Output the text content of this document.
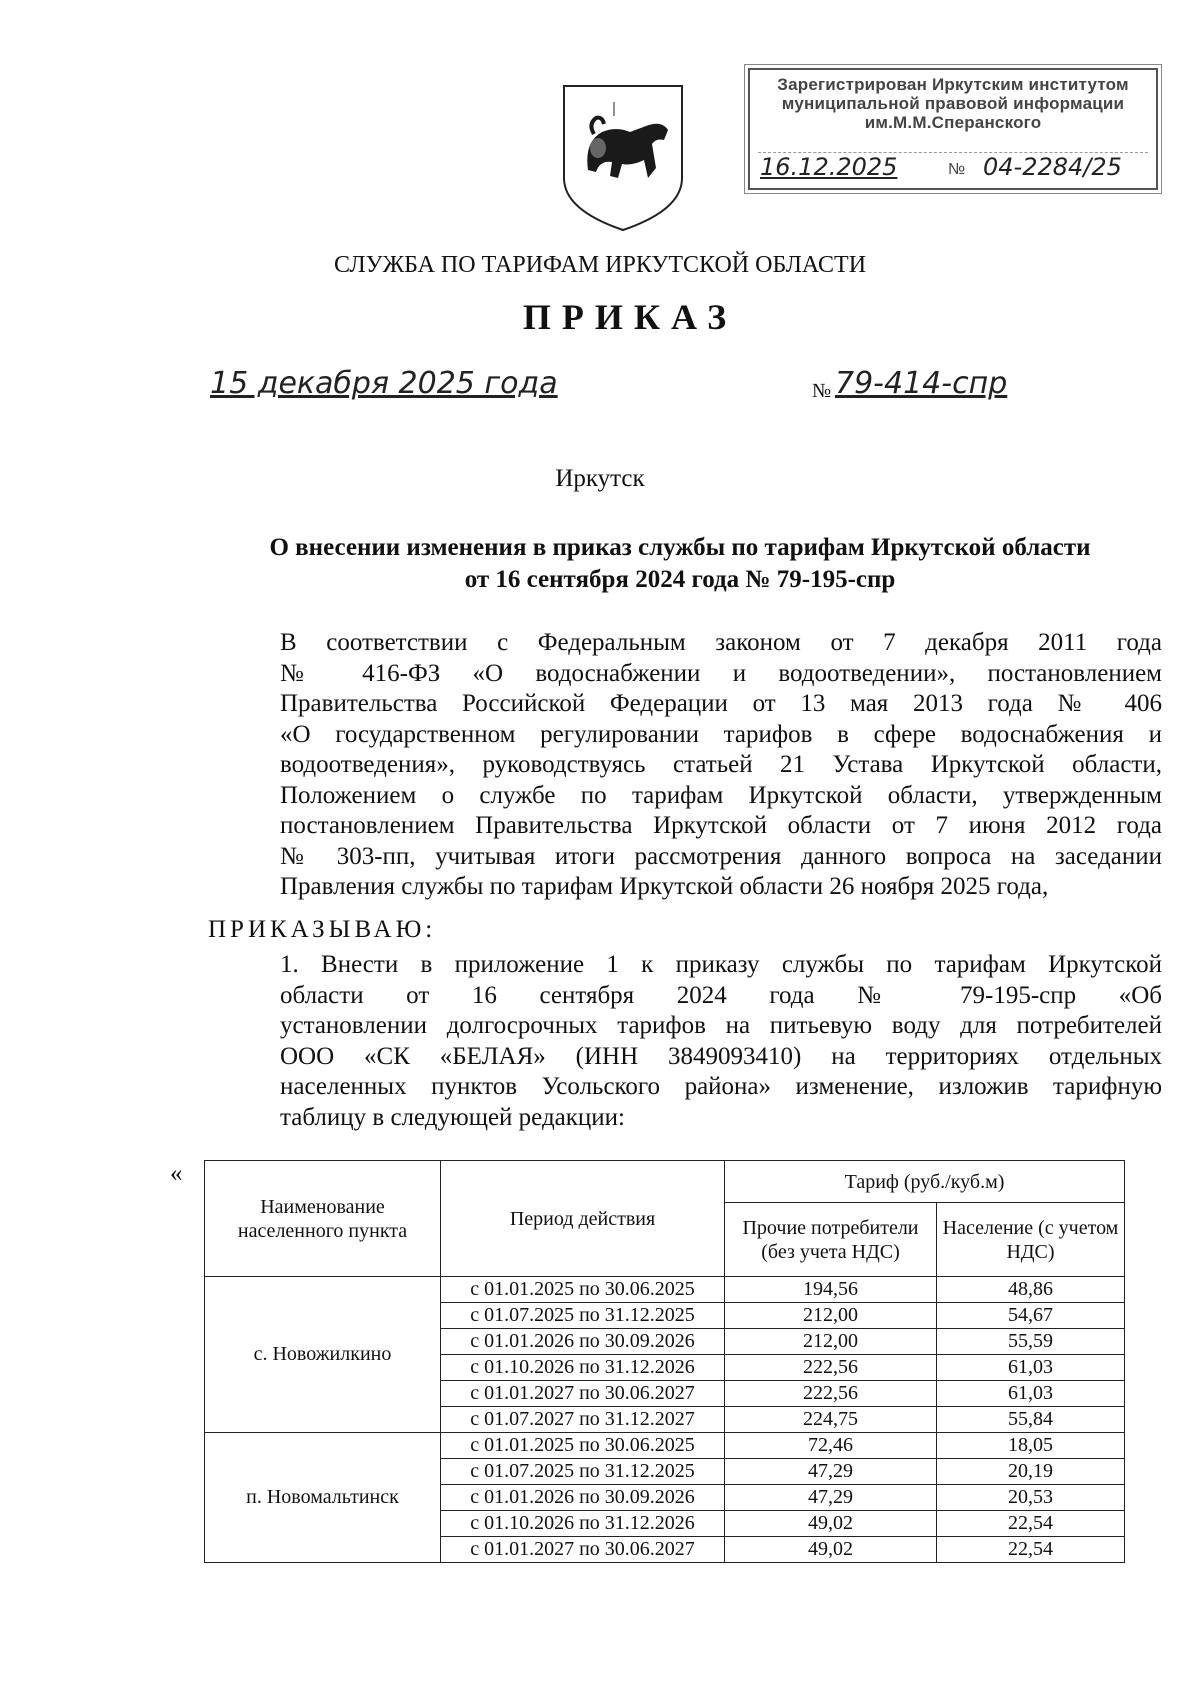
Зарегистрирован Иркутским институтом
муниципальной правовой информации
им.М.М.Сперанского
16.12.2025	№ 04-2284/25
СЛУЖБА ПО ТАРИФАМ ИРКУТСКОЙ ОБЛАСТИ
ПРИКАЗ
15 декабря 2025 года	№ 79-414-спр
Иркутск
О внесении изменения в приказ службы по тарифам Иркутской области
от 16 сентября 2024 года № 79-195-спр
В соответствии с Федеральным законом от 7 декабря 2011 года
№ 416-ФЗ «О водоснабжении и водоотведении», постановлением
Правительства Российской Федерации от 13 мая 2013 года № 406
«О государственном регулировании тарифов в сфере водоснабжения и
водоотведения», руководствуясь статьей 21 Устава Иркутской области,
Положением о службе по тарифам Иркутской области, утвержденным
постановлением Правительства Иркутской области от 7 июня 2012 года
№ 303-пп, учитывая итоги рассмотрения данного вопроса на заседании
Правления службы по тарифам Иркутской области 26 ноября 2025 года,
ПРИКАЗЫВАЮ:
1. Внести в приложение 1 к приказу службы по тарифам Иркутской
области от 16 сентября 2024 года № 79-195-спр «Об
установлении долгосрочных тарифов на питьевую воду для потребителей
ООО «СК «БЕЛАЯ» (ИНН 3849093410) на территориях отдельных
населенных пунктов Усольского района» изменение, изложив тарифную
таблицу в следующей редакции:
«
Наименование населенного пункта	Период действия	Тариф (руб./куб.м)	
		Прочие потребители (без учета НДС)	Население (с учетом НДС)
с. Новожилкино	с 01.01.2025 по 30.06.2025	194,56	48,86
	с 01.07.2025 по 31.12.2025	212,00	54,67
	с 01.01.2026 по 30.09.2026	212,00	55,59
	с 01.10.2026 по 31.12.2026	222,56	61,03
	с 01.01.2027 по 30.06.2027	222,56	61,03
	с 01.07.2027 по 31.12.2027	224,75	55,84
п. Новомальтинск	с 01.01.2025 по 30.06.2025	72,46	18,05
	с 01.07.2025 по 31.12.2025	47,29	20,19
	с 01.01.2026 по 30.09.2026	47,29	20,53
	с 01.10.2026 по 31.12.2026	49,02	22,54
	с 01.01.2027 по 30.06.2027	49,02	22,54
